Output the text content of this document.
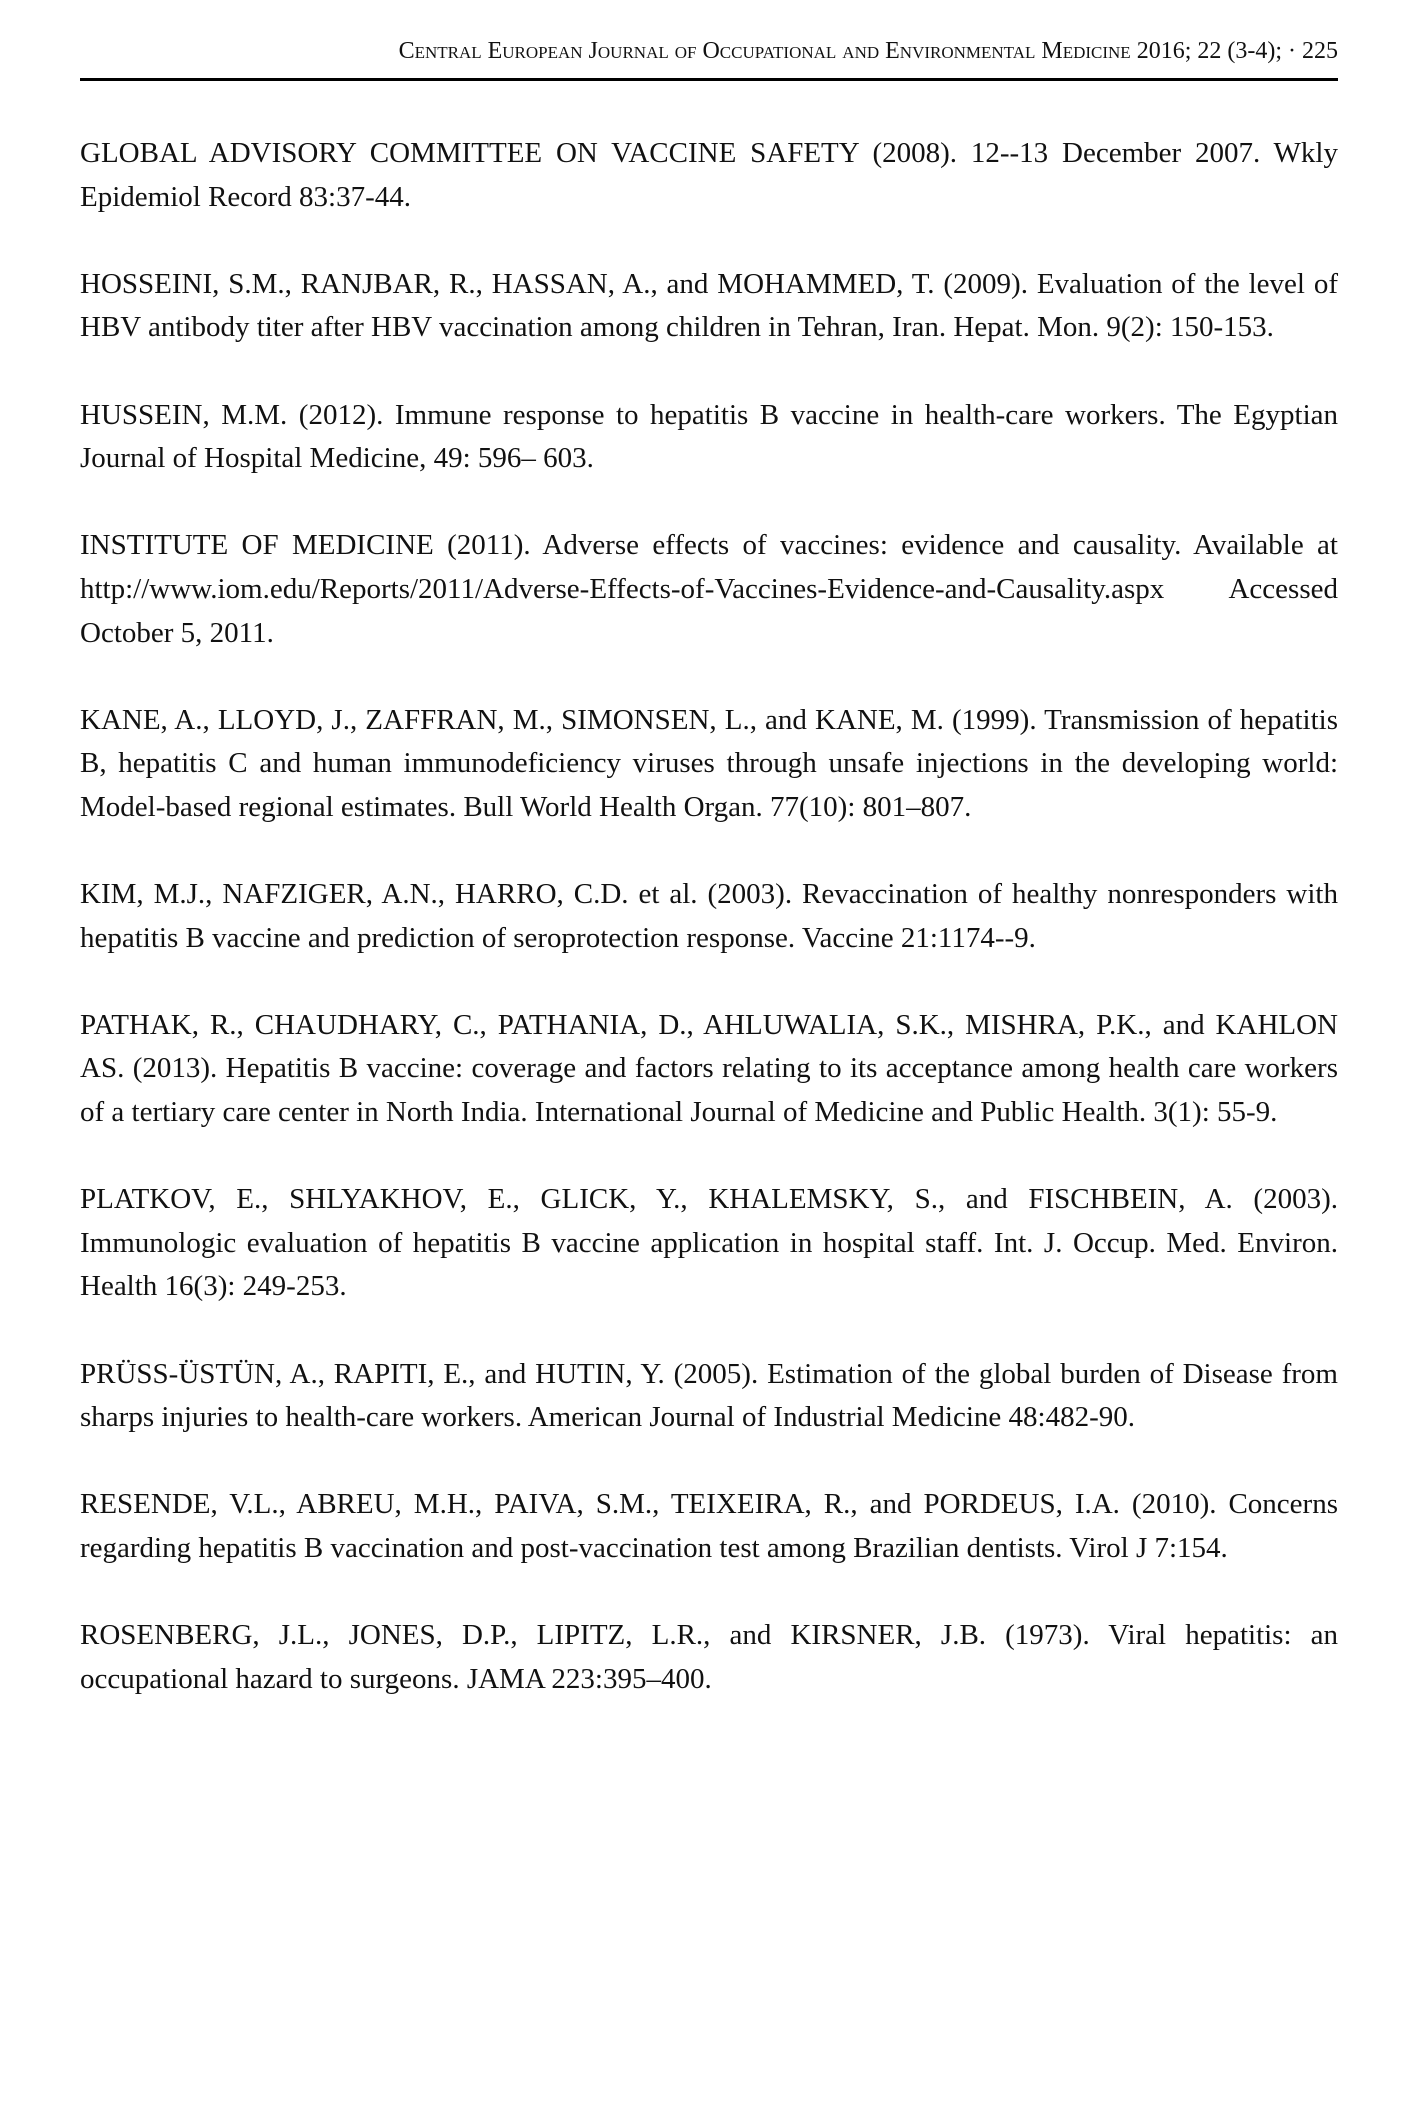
Central European Journal of Occupational and Environmental Medicine 2016; 22 (3-4); · 225

GLOBAL ADVISORY COMMITTEE ON VACCINE SAFETY (2008). 12--13 December 2007. Wkly Epidemiol Record 83:37-44.

HOSSEINI, S.M., RANJBAR, R., HASSAN, A., and MOHAMMED, T. (2009). Evaluation of the level of HBV antibody titer after HBV vaccination among children in Tehran, Iran. Hepat. Mon. 9(2): 150-153.

HUSSEIN, M.M. (2012). Immune response to hepatitis B vaccine in health-care workers. The Egyptian Journal of Hospital Medicine, 49: 596– 603.

INSTITUTE OF MEDICINE (2011). Adverse effects of vaccines: evidence and causality. Available at http://www.iom.edu/Reports/2011/Adverse-Effects-of-Vaccines-Evidence-and-Causality.aspx Accessed October 5, 2011.

KANE, A., LLOYD, J., ZAFFRAN, M., SIMONSEN, L., and KANE, M. (1999). Transmission of hepatitis B, hepatitis C and human immunodeficiency viruses through unsafe injections in the developing world: Model-based regional estimates. Bull World Health Organ. 77(10): 801–807.

KIM, M.J., NAFZIGER, A.N., HARRO, C.D. et al. (2003). Revaccination of healthy nonresponders with hepatitis B vaccine and prediction of seroprotection response. Vaccine 21:1174--9.

PATHAK, R., CHAUDHARY, C., PATHANIA, D., AHLUWALIA, S.K., MISHRA, P.K., and KAHLON AS. (2013). Hepatitis B vaccine: coverage and factors relating to its acceptance among health care workers of a tertiary care center in North India. International Journal of Medicine and Public Health. 3(1): 55-9.

PLATKOV, E., SHLYAKHOV, E., GLICK, Y., KHALEMSKY, S., and FISCHBEIN, A. (2003). Immunologic evaluation of hepatitis B vaccine application in hospital staff. Int. J. Occup. Med. Environ. Health 16(3): 249-253.

PRÜSS-ÜSTÜN, A., RAPITI, E., and HUTIN, Y. (2005). Estimation of the global burden of Disease from sharps injuries to health-care workers. American Journal of Industrial Medicine 48:482-90.

RESENDE, V.L., ABREU, M.H., PAIVA, S.M., TEIXEIRA, R., and PORDEUS, I.A. (2010). Concerns regarding hepatitis B vaccination and post-vaccination test among Brazilian dentists. Virol J 7:154.

ROSENBERG, J.L., JONES, D.P., LIPITZ, L.R., and KIRSNER, J.B. (1973). Viral hepatitis: an occupational hazard to surgeons. JAMA 223:395–400.
